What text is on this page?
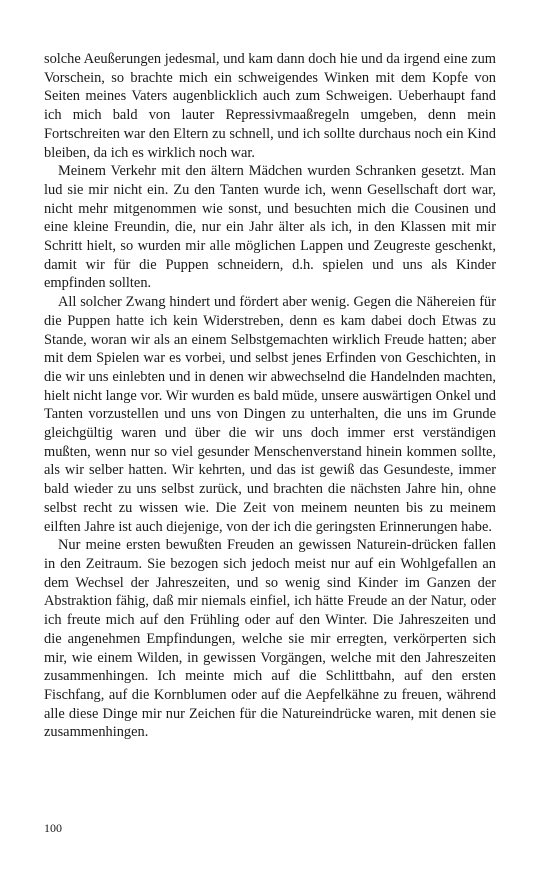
solche Aeußerungen jedesmal, und kam dann doch hie und da irgend eine zum Vorschein, so brachte mich ein schweigendes Winken mit dem Kopfe von Seiten meines Vaters augenblicklich auch zum Schweigen. Ueberhaupt fand ich mich bald von lauter Repressivmaaßregeln umgeben, denn mein Fortschreiten war den Eltern zu schnell, und ich sollte durchaus noch ein Kind bleiben, da ich es wirklich noch war.

Meinem Verkehr mit den ältern Mädchen wurden Schranken gesetzt. Man lud sie mir nicht ein. Zu den Tanten wurde ich, wenn Gesellschaft dort war, nicht mehr mitgenommen wie sonst, und besuchten mich die Cousinen und eine kleine Freundin, die, nur ein Jahr älter als ich, in den Klassen mit mir Schritt hielt, so wurden mir alle möglichen Lappen und Zeugreste geschenkt, damit wir für die Puppen schneidern, d.h. spielen und uns als Kinder empfinden sollten.

All solcher Zwang hindert und fördert aber wenig. Gegen die Nähereien für die Puppen hatte ich kein Widerstreben, denn es kam dabei doch Etwas zu Stande, woran wir als an einem Selbstgemachten wirklich Freude hatten; aber mit dem Spielen war es vorbei, und selbst jenes Erfinden von Geschichten, in die wir uns einlebten und in denen wir abwechselnd die Handelnden machten, hielt nicht lange vor. Wir wurden es bald müde, unsere auswärtigen Onkel und Tanten vorzustellen und uns von Dingen zu unterhalten, die uns im Grunde gleichgültig waren und über die wir uns doch immer erst verständigen mußten, wenn nur so viel gesunder Menschenverstand hinein kommen sollte, als wir selber hatten. Wir kehrten, und das ist gewiß das Gesundeste, immer bald wieder zu uns selbst zurück, und brachten die nächsten Jahre hin, ohne selbst recht zu wissen wie. Die Zeit von meinem neunten bis zu meinem eilften Jahre ist auch diejenige, von der ich die geringsten Erinnerungen habe.

Nur meine ersten bewußten Freuden an gewissen Naturein-drücken fallen in den Zeitraum. Sie bezogen sich jedoch meist nur auf ein Wohlgefallen an dem Wechsel der Jahreszeiten, und so wenig sind Kinder im Ganzen der Abstraktion fähig, daß mir niemals einfiel, ich hätte Freude an der Natur, oder ich freute mich auf den Frühling oder auf den Winter. Die Jahreszeiten und die angenehmen Empfindungen, welche sie mir erregten, verkörperten sich mir, wie einem Wilden, in gewissen Vorgängen, welche mit den Jahreszeiten zusammenhingen. Ich meinte mich auf die Schlittbahn, auf den ersten Fischfang, auf die Kornblumen oder auf die Aepfelkähne zu freuen, während alle diese Dinge mir nur Zeichen für die Natureindrücke waren, mit denen sie zusammenhingen.

100
